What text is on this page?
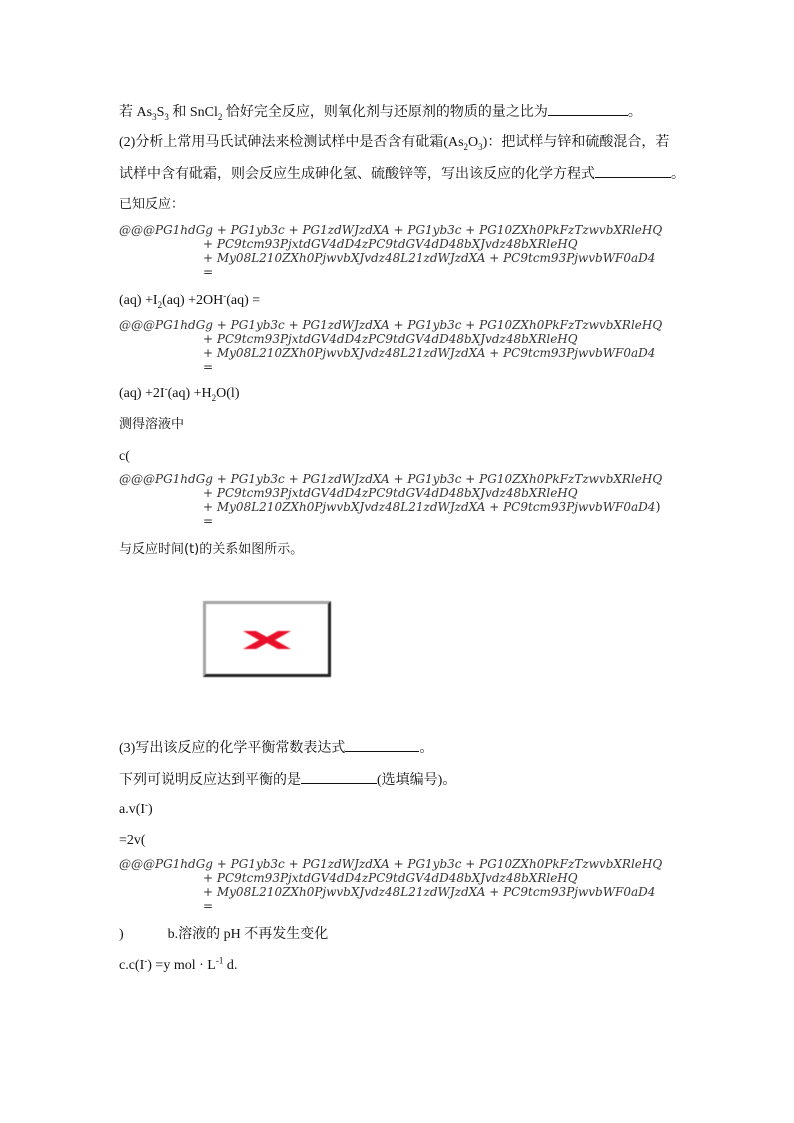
若 $As_3S_3$ 和 SnCl$_2$ 恰好完全反应，则氧化剂与还原剂的物质的量之比为	。
(2)分析上常用马氏试砷法来检测试样中是否含有砒霜$(As_2O_3)$：把试样与锌和硫酸混合，若
试样中含有砒霜，则会反应生成砷化氢、硫酸锌等，写出该反应的化学方程式	。
已知反应：
@@@PG1hdGg + PG1yb3c + PG1zdWJzdXA + PG1yb3c + PG10ZXh0PkFzTzwvbXRleHQ
+ PC9tcm93PjxtdGV4dD4zPC9tdGV4dD48bXJvdz48bXRleHQ
+ My08L210ZXh0PjwvbXJvdz48L21zdWJzdXA + PC9tcm93PjwvbWF0aD4
=
$(aq) +I_2(aq) +2OH^-(aq)$ =
@@@PG1hdGg + PG1yb3c + PG1zdWJzdXA + PG1yb3c + PG10ZXh0PkFzTzwvbXRleHQ
+ PC9tcm93PjxtdGV4dD4zPC9tdGV4dD48bXJvdz48bXRleHQ
+ My08L210ZXh0PjwvbXJvdz48L21zdWJzdXA + PC9tcm93PjwvbWF0aD4
=
$(aq) +2I^-(aq) +H_2O(l)$
测得溶液中
c(
@@@PG1hdGg + PG1yb3c + PG1zdWJzdXA + PG1yb3c + PG10ZXh0PkFzTzwvbXRleHQ
+ PC9tcm93PjxtdGV4dD4zPC9tdGV4dD48bXJvdz48bXRleHQ
+ My08L210ZXh0PjwvbXJvdz48L21zdWJzdXA + PC9tcm93PjwvbWF0aD4)
=
与反应时间(t)的关系如图所示。
(3)写出该反应的化学平衡常数表达式	。
下列可说明反应达到平衡的是	(选填编号)。
a.v(I-)
=2v(
@@@PG1hdGg + PG1yb3c + PG1zdWJzdXA + PG1yb3c + PG10ZXh0PkFzTzwvbXRleHQ
+ PC9tcm93PjxtdGV4dD4zPC9tdGV4dD48bXJvdz48bXRleHQ
+ My08L210ZXh0PjwvbXJvdz48L21zdWJzdXA + PC9tcm93PjwvbWF0aD4
=
)	b.溶液的 pH 不再发生变化
c.c(I-) =y mol · $L^{-1}$ d.
